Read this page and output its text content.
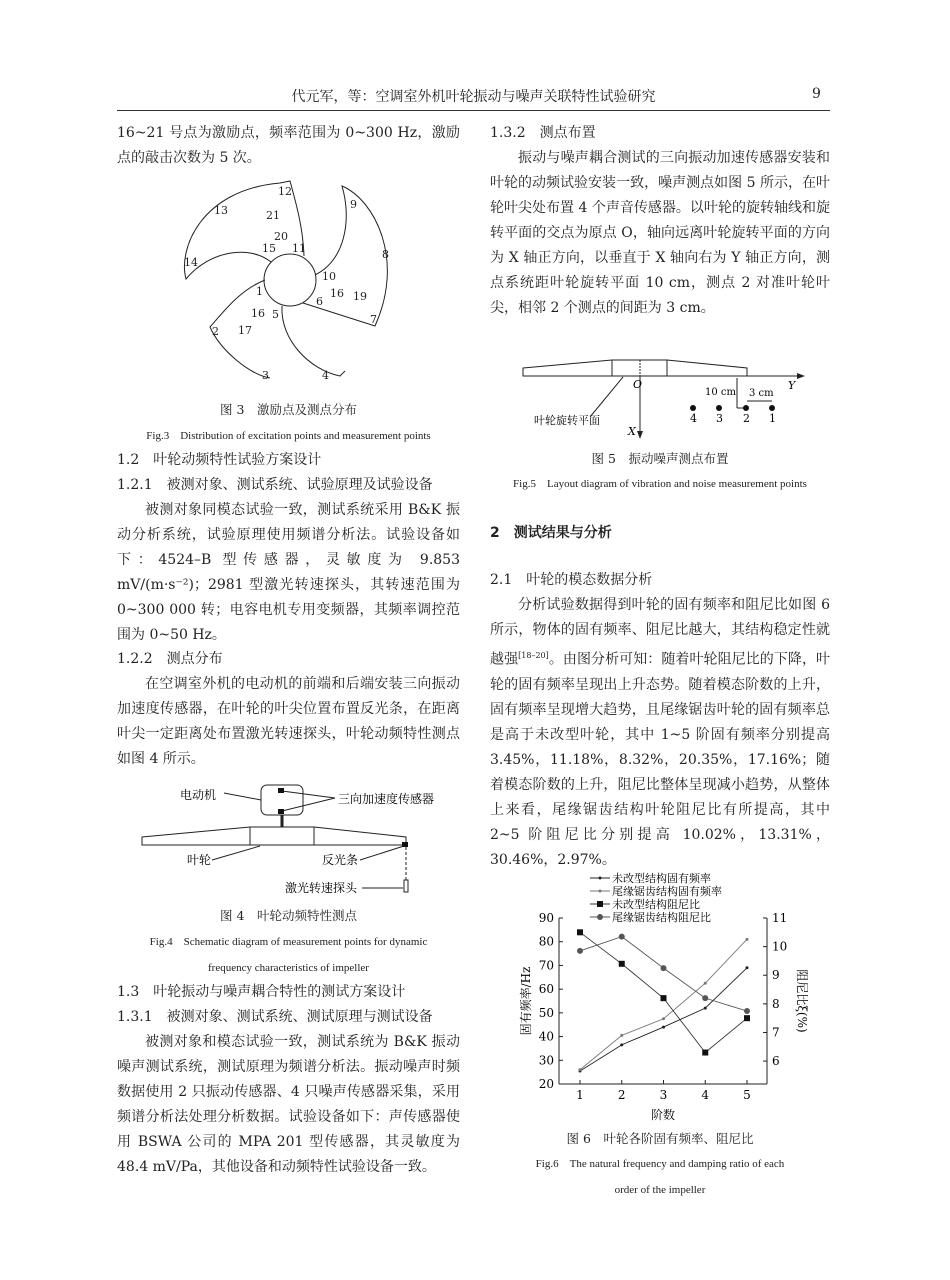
代元军，等：空调室外机叶轮振动与噪声关联特性试验研究	9

16~21 号点为激励点，频率范围为 0~300 Hz，激励点的敲击次数为 5 次。

12
9
13	21
20
11
15	8
14
10
1	16 19
6
16 5	7
2 17
3	4
图 3　激励点及测点分布
Fig.3　Distribution of excitation points and measurement points
1.2　叶轮动频特性试验方案设计
1.2.1　被测对象、测试系统、试验原理及试验设备

被测对象同模态试验一致，测试系统采用 B&K 振动分析系统，试验原理使用频谱分析法。试验设备如下：4524–B 型传感器，灵敏度为 9.853 mV/(m·s⁻²)；2981 型激光转速探头，其转速范围为 0~300 000 转；电容电机专用变频器，其频率调控范围为 0~50 Hz。

1.2.2　测点分布

在空调室外机的电动机的前端和后端安装三向振动加速度传感器，在叶轮的叶尖位置布置反光条，在距离叶尖一定距离处布置激光转速探头，叶轮动频特性测点如图 4 所示。

电动机	三向加速度传感器
叶轮	反光条
激光转速探头
图 4　叶轮动频特性测点
Fig.4　Schematic diagram of measurement points for dynamic
frequency characteristics of impeller
1.3　叶轮振动与噪声耦合特性的测试方案设计
1.3.1　被测对象、测试系统、测试原理与测试设备

被测对象和模态试验一致，测试系统为 B&K 振动噪声测试系统，测试原理为频谱分析法。振动噪声时频数据使用 2 只振动传感器、4 只噪声传感器采集，采用频谱分析法处理分析数据。试验设备如下：声传感器使用 BSWA 公司的 MPA 201 型传感器，其灵敏度为 48.4 mV/Pa，其他设备和动频特性试验设备一致。

1.3.2　测点布置

振动与噪声耦合测试的三向振动加速传感器安装和叶轮的动频试验安装一致，噪声测点如图 5 所示，在叶轮叶尖处布置 4 个声音传感器。以叶轮的旋转轴线和旋转平面的交点为原点 O，轴向远离叶轮旋转平面的方向为 X 轴正方向，以垂直于 X 轴向右为 Y 轴正方向，测点系统距叶轮旋转平面 10 cm，测点 2 对准叶轮叶尖，相邻 2 个测点的间距为 3 cm。

O	Y
X
10 cm 3 cm
叶轮旋转平面	4 3 2 1
图 5　振动噪声测点布置
Fig.5　Layout diagram of vibration and noise measurement points
2　测试结果与分析
2.1　叶轮的模态数据分析

分析试验数据得到叶轮的固有频率和阻尼比如图 6 所示，物体的固有频率、阻尼比越大，其结构稳定性就越强[18–20]。由图分析可知：随着叶轮阻尼比的下降，叶轮的固有频率呈现出上升态势。随着模态阶数的上升，固有频率呈现增大趋势，且尾缘锯齿叶轮的固有频率总是高于未改型叶轮，其中 1~5 阶固有频率分别提高 3.45%，11.18%，8.32%，20.35%，17.16%；随着模态阶数的上升，阻尼比整体呈现减小趋势，从整体上来看，尾缘锯齿结构叶轮阻尼比有所提高，其中 2~5 阶阻尼比分别提高 10.02%，13.31%，30.46%，2.97%。

20
30
40
50
60
70
80
90
6
7
8
9
10
11
1	2	3	4	5
阶数
固有频率/Hz	阻尼比ξ(%)
未改型结构固有频率
尾缘锯齿结构固有频率
未改型结构阻尼比
尾缘锯齿结构阻尼比
图 6　叶轮各阶固有频率、阻尼比
Fig.6　The natural frequency and damping ratio of each
order of the impeller
